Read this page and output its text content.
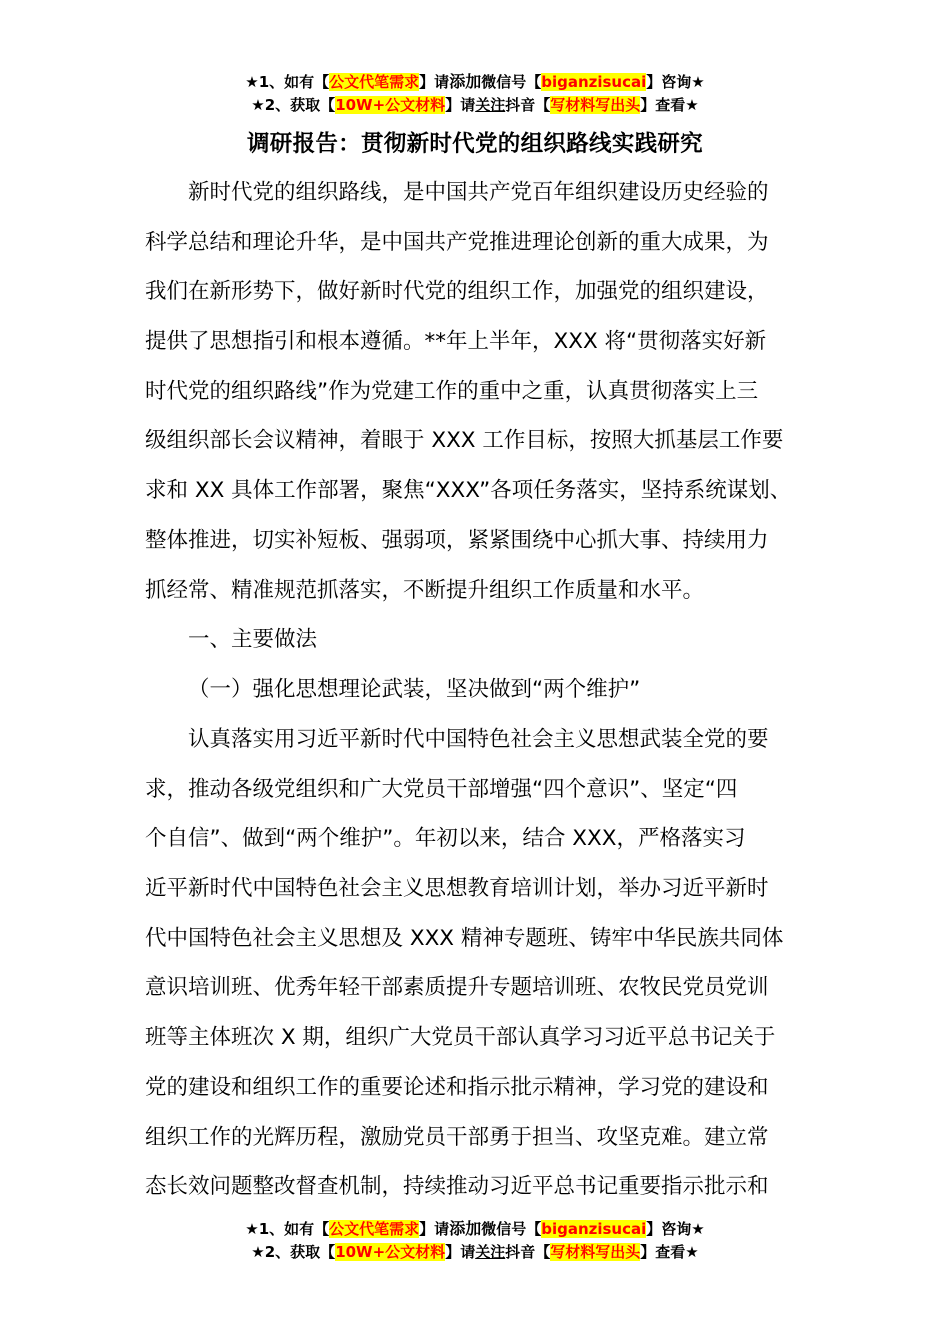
★1、如有【公文代笔需求】请添加微信号【biganzisucai】咨询★
★2、获取【10W+公文材料】请关注抖音【写材料写出头】查看★
调研报告：贯彻新时代党的组织路线实践研究
新时代党的组织路线，是中国共产党百年组织建设历史经验的
科学总结和理论升华，是中国共产党推进理论创新的重大成果，为
我们在新形势下，做好新时代党的组织工作，加强党的组织建设，
提供了思想指引和根本遵循。**年上半年，XXX 将“贯彻落实好新
时代党的组织路线”作为党建工作的重中之重，认真贯彻落实上三
级组织部长会议精神，着眼于 XXX 工作目标，按照大抓基层工作要
求和 XX 具体工作部署，聚焦“XXX”各项任务落实，坚持系统谋划、
整体推进，切实补短板、强弱项，紧紧围绕中心抓大事、持续用力
抓经常、精准规范抓落实，不断提升组织工作质量和水平。
一、主要做法
（一）强化思想理论武装，坚决做到“两个维护”
认真落实用习近平新时代中国特色社会主义思想武装全党的要
求，推动各级党组织和广大党员干部增强“四个意识”、坚定“四
个自信”、做到“两个维护”。年初以来，结合 XXX，严格落实习
近平新时代中国特色社会主义思想教育培训计划，举办习近平新时
代中国特色社会主义思想及 XXX 精神专题班、铸牢中华民族共同体
意识培训班、优秀年轻干部素质提升专题培训班、农牧民党员党训
班等主体班次 X 期，组织广大党员干部认真学习习近平总书记关于
党的建设和组织工作的重要论述和指示批示精神，学习党的建设和
组织工作的光辉历程，激励党员干部勇于担当、攻坚克难。建立常
态长效问题整改督查机制，持续推动习近平总书记重要指示批示和
★1、如有【公文代笔需求】请添加微信号【biganzisucai】咨询★
★2、获取【10W+公文材料】请关注抖音【写材料写出头】查看★
